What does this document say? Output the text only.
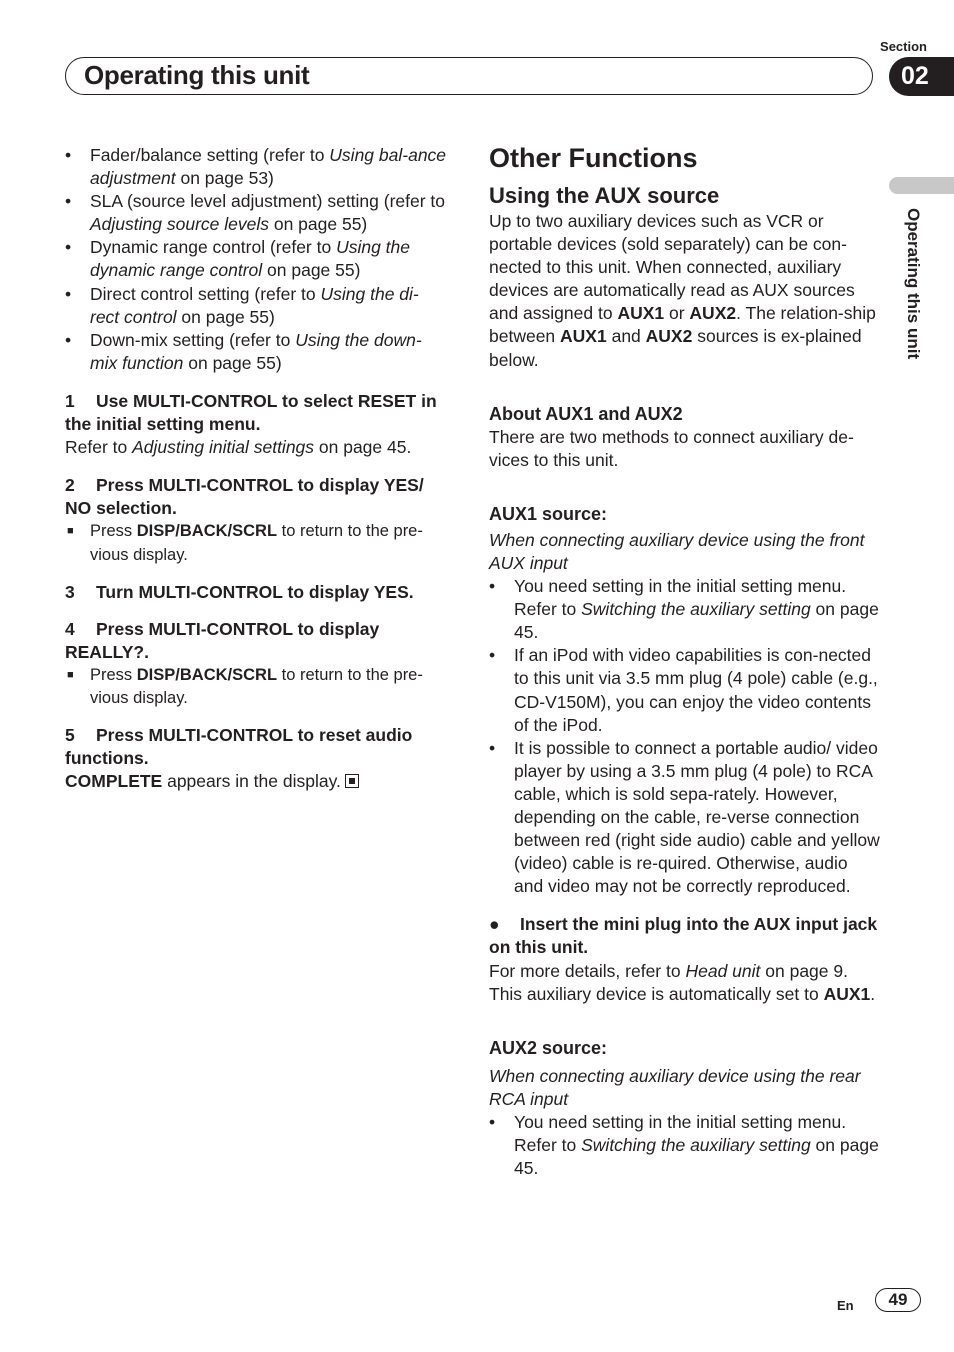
Section
Operating this unit	02
Operating this unit
• Fader/balance setting (refer to Using bal-ance adjustment on page 53)
• SLA (source level adjustment) setting (refer to Adjusting source levels on page 55)
• Dynamic range control (refer to Using the dynamic range control on page 55)
• Direct control setting (refer to Using the di-rect control on page 55)
• Down-mix setting (refer to Using the down-mix function on page 55)

1 Use MULTI-CONTROL to select RESET in the initial setting menu.

Refer to Adjusting initial settings on page 45.

2 Press MULTI-CONTROL to display YES/ NO selection.

■ Press DISP/BACK/SCRL to return to the pre-vious display.

3 Turn MULTI-CONTROL to display YES.

4 Press MULTI-CONTROL to display REALLY?.

■ Press DISP/BACK/SCRL to return to the pre-vious display.

5 Press MULTI-CONTROL to reset audio functions.

COMPLETE appears in the display.

Other Functions
Using the AUX source

Up to two auxiliary devices such as VCR or portable devices (sold separately) can be con-nected to this unit. When connected, auxiliary devices are automatically read as AUX sources and assigned to AUX1 or AUX2. The relation-ship between AUX1 and AUX2 sources is ex-plained below.

About AUX1 and AUX2

There are two methods to connect auxiliary de-vices to this unit.

AUX1 source:

When connecting auxiliary device using the front AUX input

• You need setting in the initial setting menu. Refer to Switching the auxiliary setting on page 45.
• If an iPod with video capabilities is con-nected to this unit via 3.5 mm plug (4 pole) cable (e.g., CD-V150M), you can enjoy the video contents of the iPod.
• It is possible to connect a portable audio/ video player by using a 3.5 mm plug (4 pole) to RCA cable, which is sold sepa-rately. However, depending on the cable, re-verse connection between red (right side audio) cable and yellow (video) cable is re-quired. Otherwise, audio and video may not be correctly reproduced.

● Insert the mini plug into the AUX input jack on this unit.

For more details, refer to Head unit on page 9. This auxiliary device is automatically set to AUX1.

AUX2 source:

When connecting auxiliary device using the rear RCA input

• You need setting in the initial setting menu. Refer to Switching the auxiliary setting on page 45.
En	49
